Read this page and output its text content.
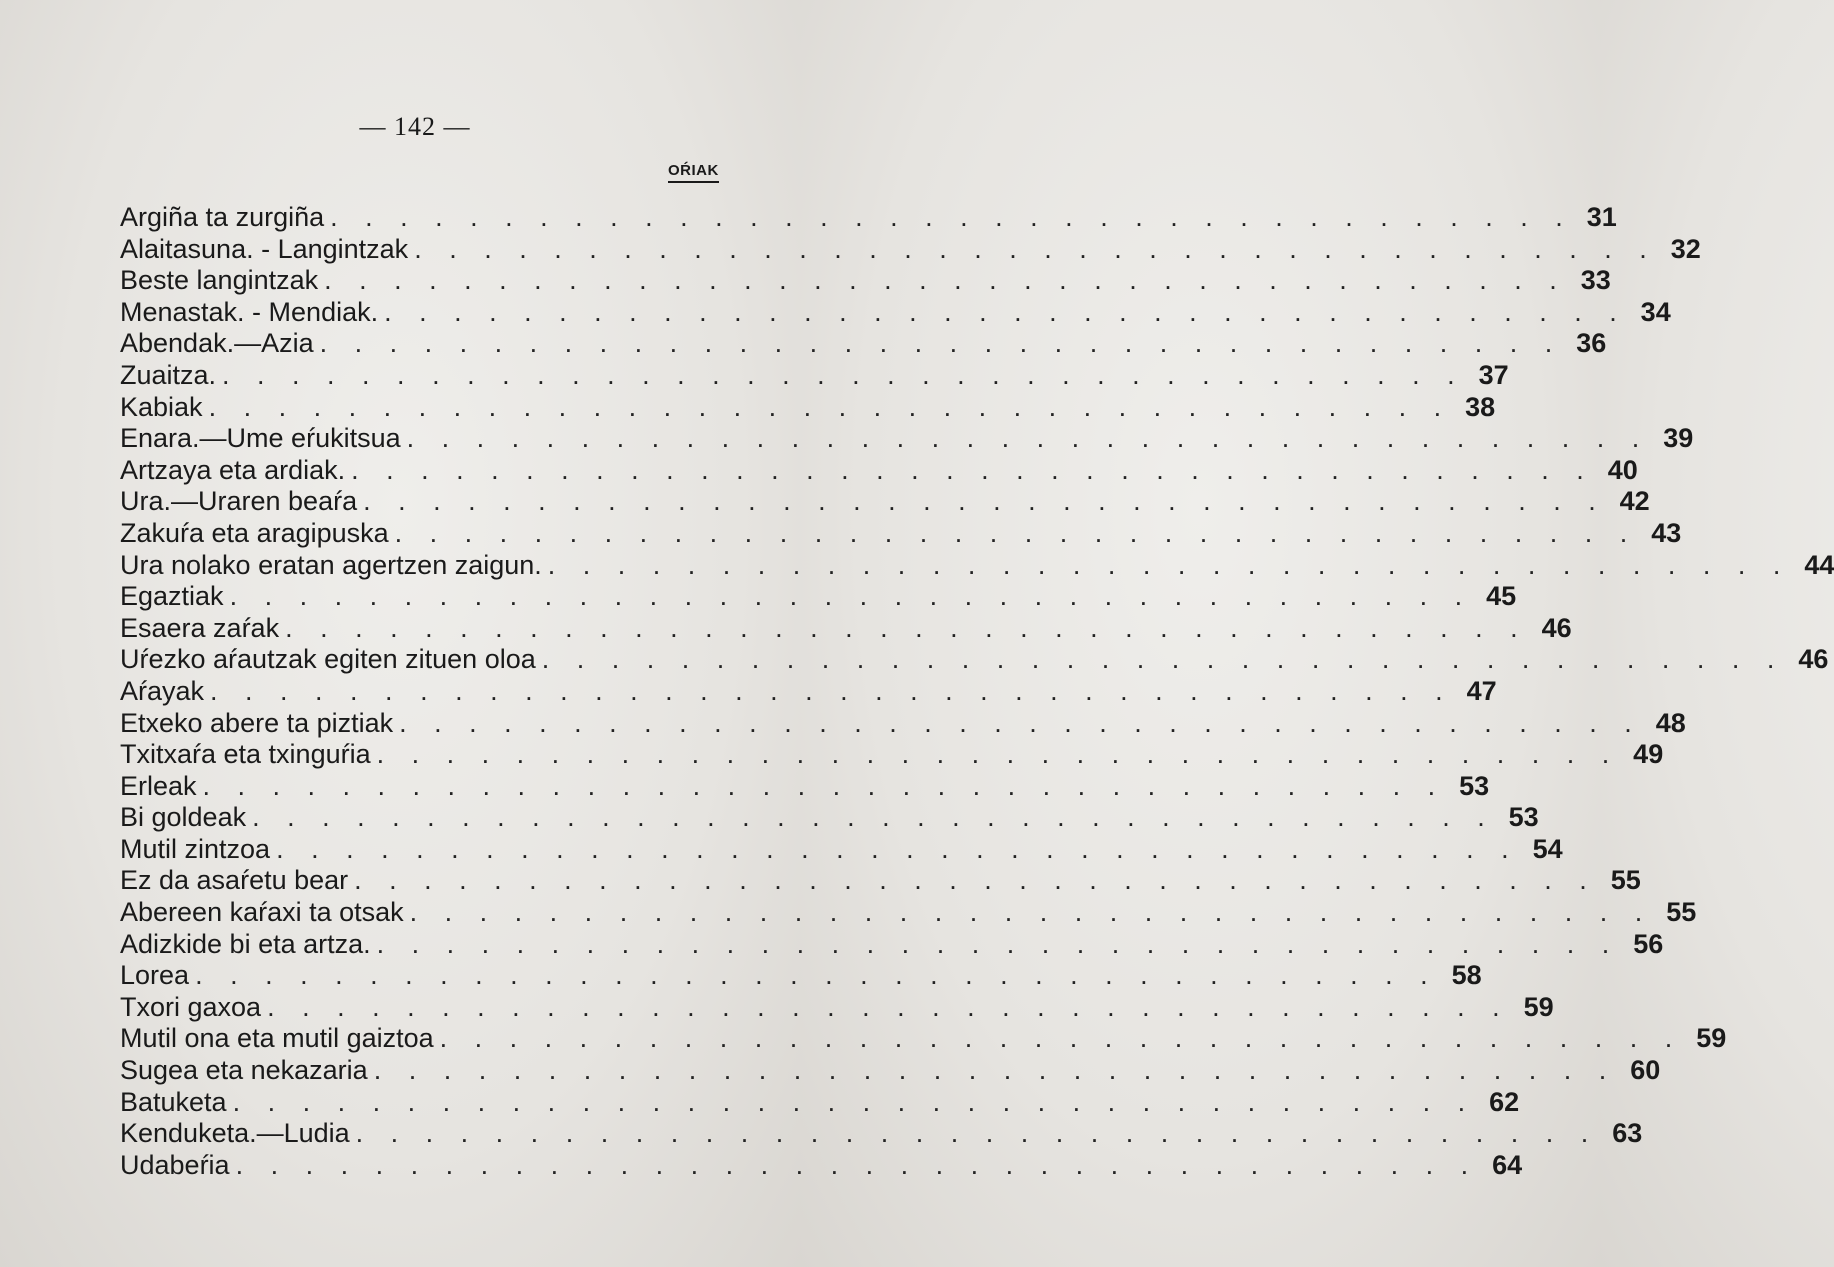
— 142 —
OŔIAK
Argiña ta zurgiña . . . . . . . . . . . . . . . . . . . . . . . . . . . . . . . . . . . . 31
Alaitasuna. - Langintzak . . . . . . . . . . . . . . . . . . . . . . . . . . . . . . . . . . . . 32
Beste langintzak . . . . . . . . . . . . . . . . . . . . . . . . . . . . . . . . . . . . 33
Menastak. - Mendiak. . . . . . . . . . . . . . . . . . . . . . . . . . . . . . . . . . . . . 34
Abendak.—Azia . . . . . . . . . . . . . . . . . . . . . . . . . . . . . . . . . . . . 36
Zuaitza. . . . . . . . . . . . . . . . . . . . . . . . . . . . . . . . . . . . . 37
Kabiak . . . . . . . . . . . . . . . . . . . . . . . . . . . . . . . . . . . . 38
Enara.—Ume eŕukitsua . . . . . . . . . . . . . . . . . . . . . . . . . . . . . . . . . . . . 39
Artzaya eta ardiak. . . . . . . . . . . . . . . . . . . . . . . . . . . . . . . . . . . . . 40
Ura.—Uraren beaŕa . . . . . . . . . . . . . . . . . . . . . . . . . . . . . . . . . . . . 42
Zakuŕa eta aragipuska . . . . . . . . . . . . . . . . . . . . . . . . . . . . . . . . . . . . 43
Ura nolako eratan agertzen zaigun. . . . . . . . . . . . . . . . . . . . . . . . . . . . . . . . . . . . . 44
Egaztiak . . . . . . . . . . . . . . . . . . . . . . . . . . . . . . . . . . . . 45
Esaera zaŕak . . . . . . . . . . . . . . . . . . . . . . . . . . . . . . . . . . . . 46
Uŕezko aŕautzak egiten zituen oloa . . . . . . . . . . . . . . . . . . . . . . . . . . . . . . . . . . . . 46
Aŕayak . . . . . . . . . . . . . . . . . . . . . . . . . . . . . . . . . . . . 47
Etxeko abere ta piztiak . . . . . . . . . . . . . . . . . . . . . . . . . . . . . . . . . . . . 48
Txitxaŕa eta txinguŕia . . . . . . . . . . . . . . . . . . . . . . . . . . . . . . . . . . . . 49
Erleak . . . . . . . . . . . . . . . . . . . . . . . . . . . . . . . . . . . . 53
Bi goldeak . . . . . . . . . . . . . . . . . . . . . . . . . . . . . . . . . . . . 53
Mutil zintzoa . . . . . . . . . . . . . . . . . . . . . . . . . . . . . . . . . . . . 54
Ez da asaŕetu bear . . . . . . . . . . . . . . . . . . . . . . . . . . . . . . . . . . . . 55
Abereen kaŕaxi ta otsak . . . . . . . . . . . . . . . . . . . . . . . . . . . . . . . . . . . . 55
Adizkide bi eta artza. . . . . . . . . . . . . . . . . . . . . . . . . . . . . . . . . . . . . 56
Lorea . . . . . . . . . . . . . . . . . . . . . . . . . . . . . . . . . . . . 58
Txori gaxoa . . . . . . . . . . . . . . . . . . . . . . . . . . . . . . . . . . . . 59
Mutil ona eta mutil gaiztoa . . . . . . . . . . . . . . . . . . . . . . . . . . . . . . . . . . . . 59
Sugea eta nekazaria . . . . . . . . . . . . . . . . . . . . . . . . . . . . . . . . . . . . 60
Batuketa . . . . . . . . . . . . . . . . . . . . . . . . . . . . . . . . . . . . 62
Kenduketa.—Ludia . . . . . . . . . . . . . . . . . . . . . . . . . . . . . . . . . . . . 63
Udabeŕia . . . . . . . . . . . . . . . . . . . . . . . . . . . . . . . . . . . . 64
